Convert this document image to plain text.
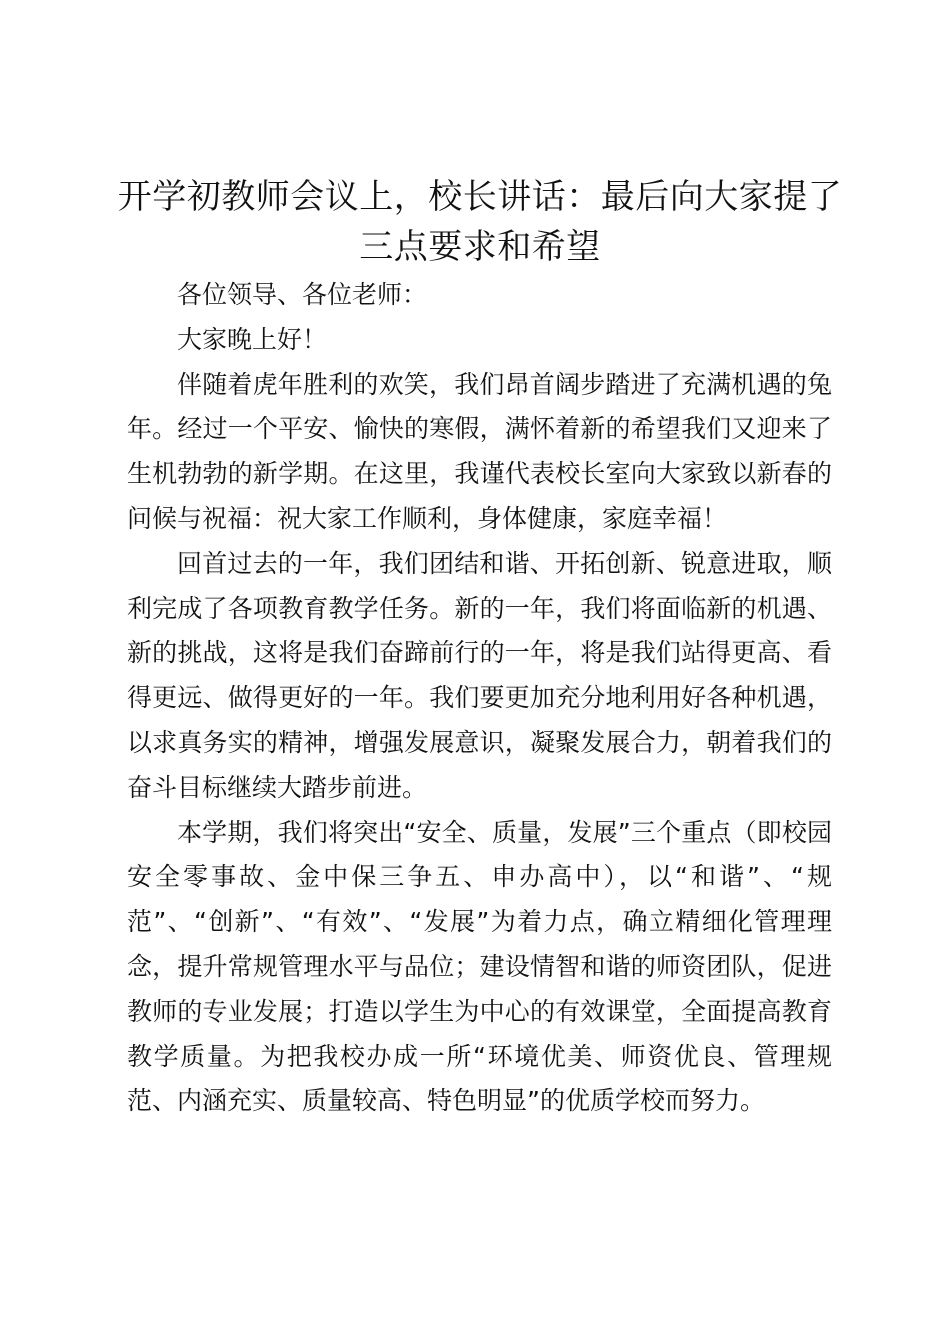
开学初教师会议上，校长讲话：最后向大家提了三点要求和希望

各位领导、各位老师：

大家晚上好！

伴随着虎年胜利的欢笑，我们昂首阔步踏进了充满机遇的兔年。经过一个平安、愉快的寒假，满怀着新的希望我们又迎来了生机勃勃的新学期。在这里，我谨代表校长室向大家致以新春的问候与祝福：祝大家工作顺利，身体健康，家庭幸福！

回首过去的一年，我们团结和谐、开拓创新、锐意进取，顺利完成了各项教育教学任务。新的一年，我们将面临新的机遇、新的挑战，这将是我们奋蹄前行的一年，将是我们站得更高、看得更远、做得更好的一年。我们要更加充分地利用好各种机遇，以求真务实的精神，增强发展意识，凝聚发展合力，朝着我们的奋斗目标继续大踏步前进。

本学期，我们将突出“安全、质量，发展”三个重点（即校园安全零事故、金中保三争五、申办高中），以“和谐”、“规范”、“创新”、“有效”、“发展”为着力点，确立精细化管理理念，提升常规管理水平与品位；建设情智和谐的师资团队，促进教师的专业发展；打造以学生为中心的有效课堂，全面提高教育教学质量。为把我校办成一所“环境优美、师资优良、管理规范、内涵充实、质量较高、特色明显”的优质学校而努力。
